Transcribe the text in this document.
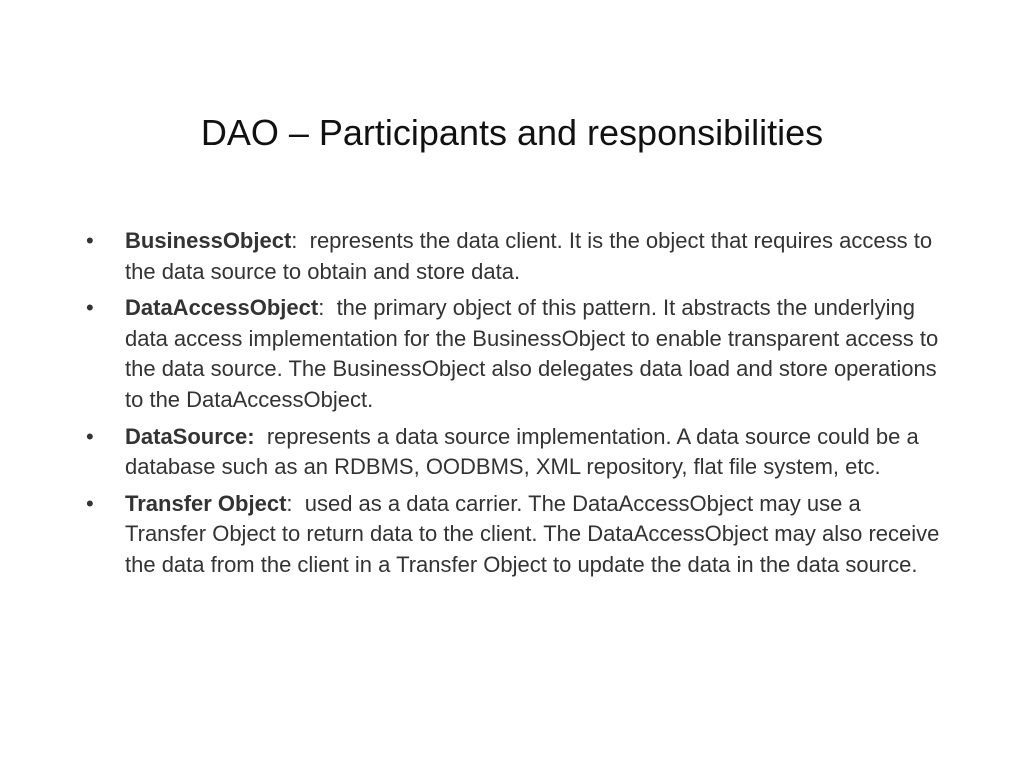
DAO – Participants and responsibilities
• BusinessObject:  represents the data client. It is the object that requires access to the data source to obtain and store data.
• DataAccessObject:  the primary object of this pattern. It abstracts the underlying data access implementation for the BusinessObject to enable transparent access to the data source. The BusinessObject also delegates data load and store operations to the DataAccessObject.
• DataSource: represents a data source implementation. A data source could be a database such as an RDBMS, OODBMS, XML repository, flat file system, etc.
• Transfer Object:  used as a data carrier. The DataAccessObject may use a Transfer Object to return data to the client. The DataAccessObject may also receive the data from the client in a Transfer Object to update the data in the data source.
